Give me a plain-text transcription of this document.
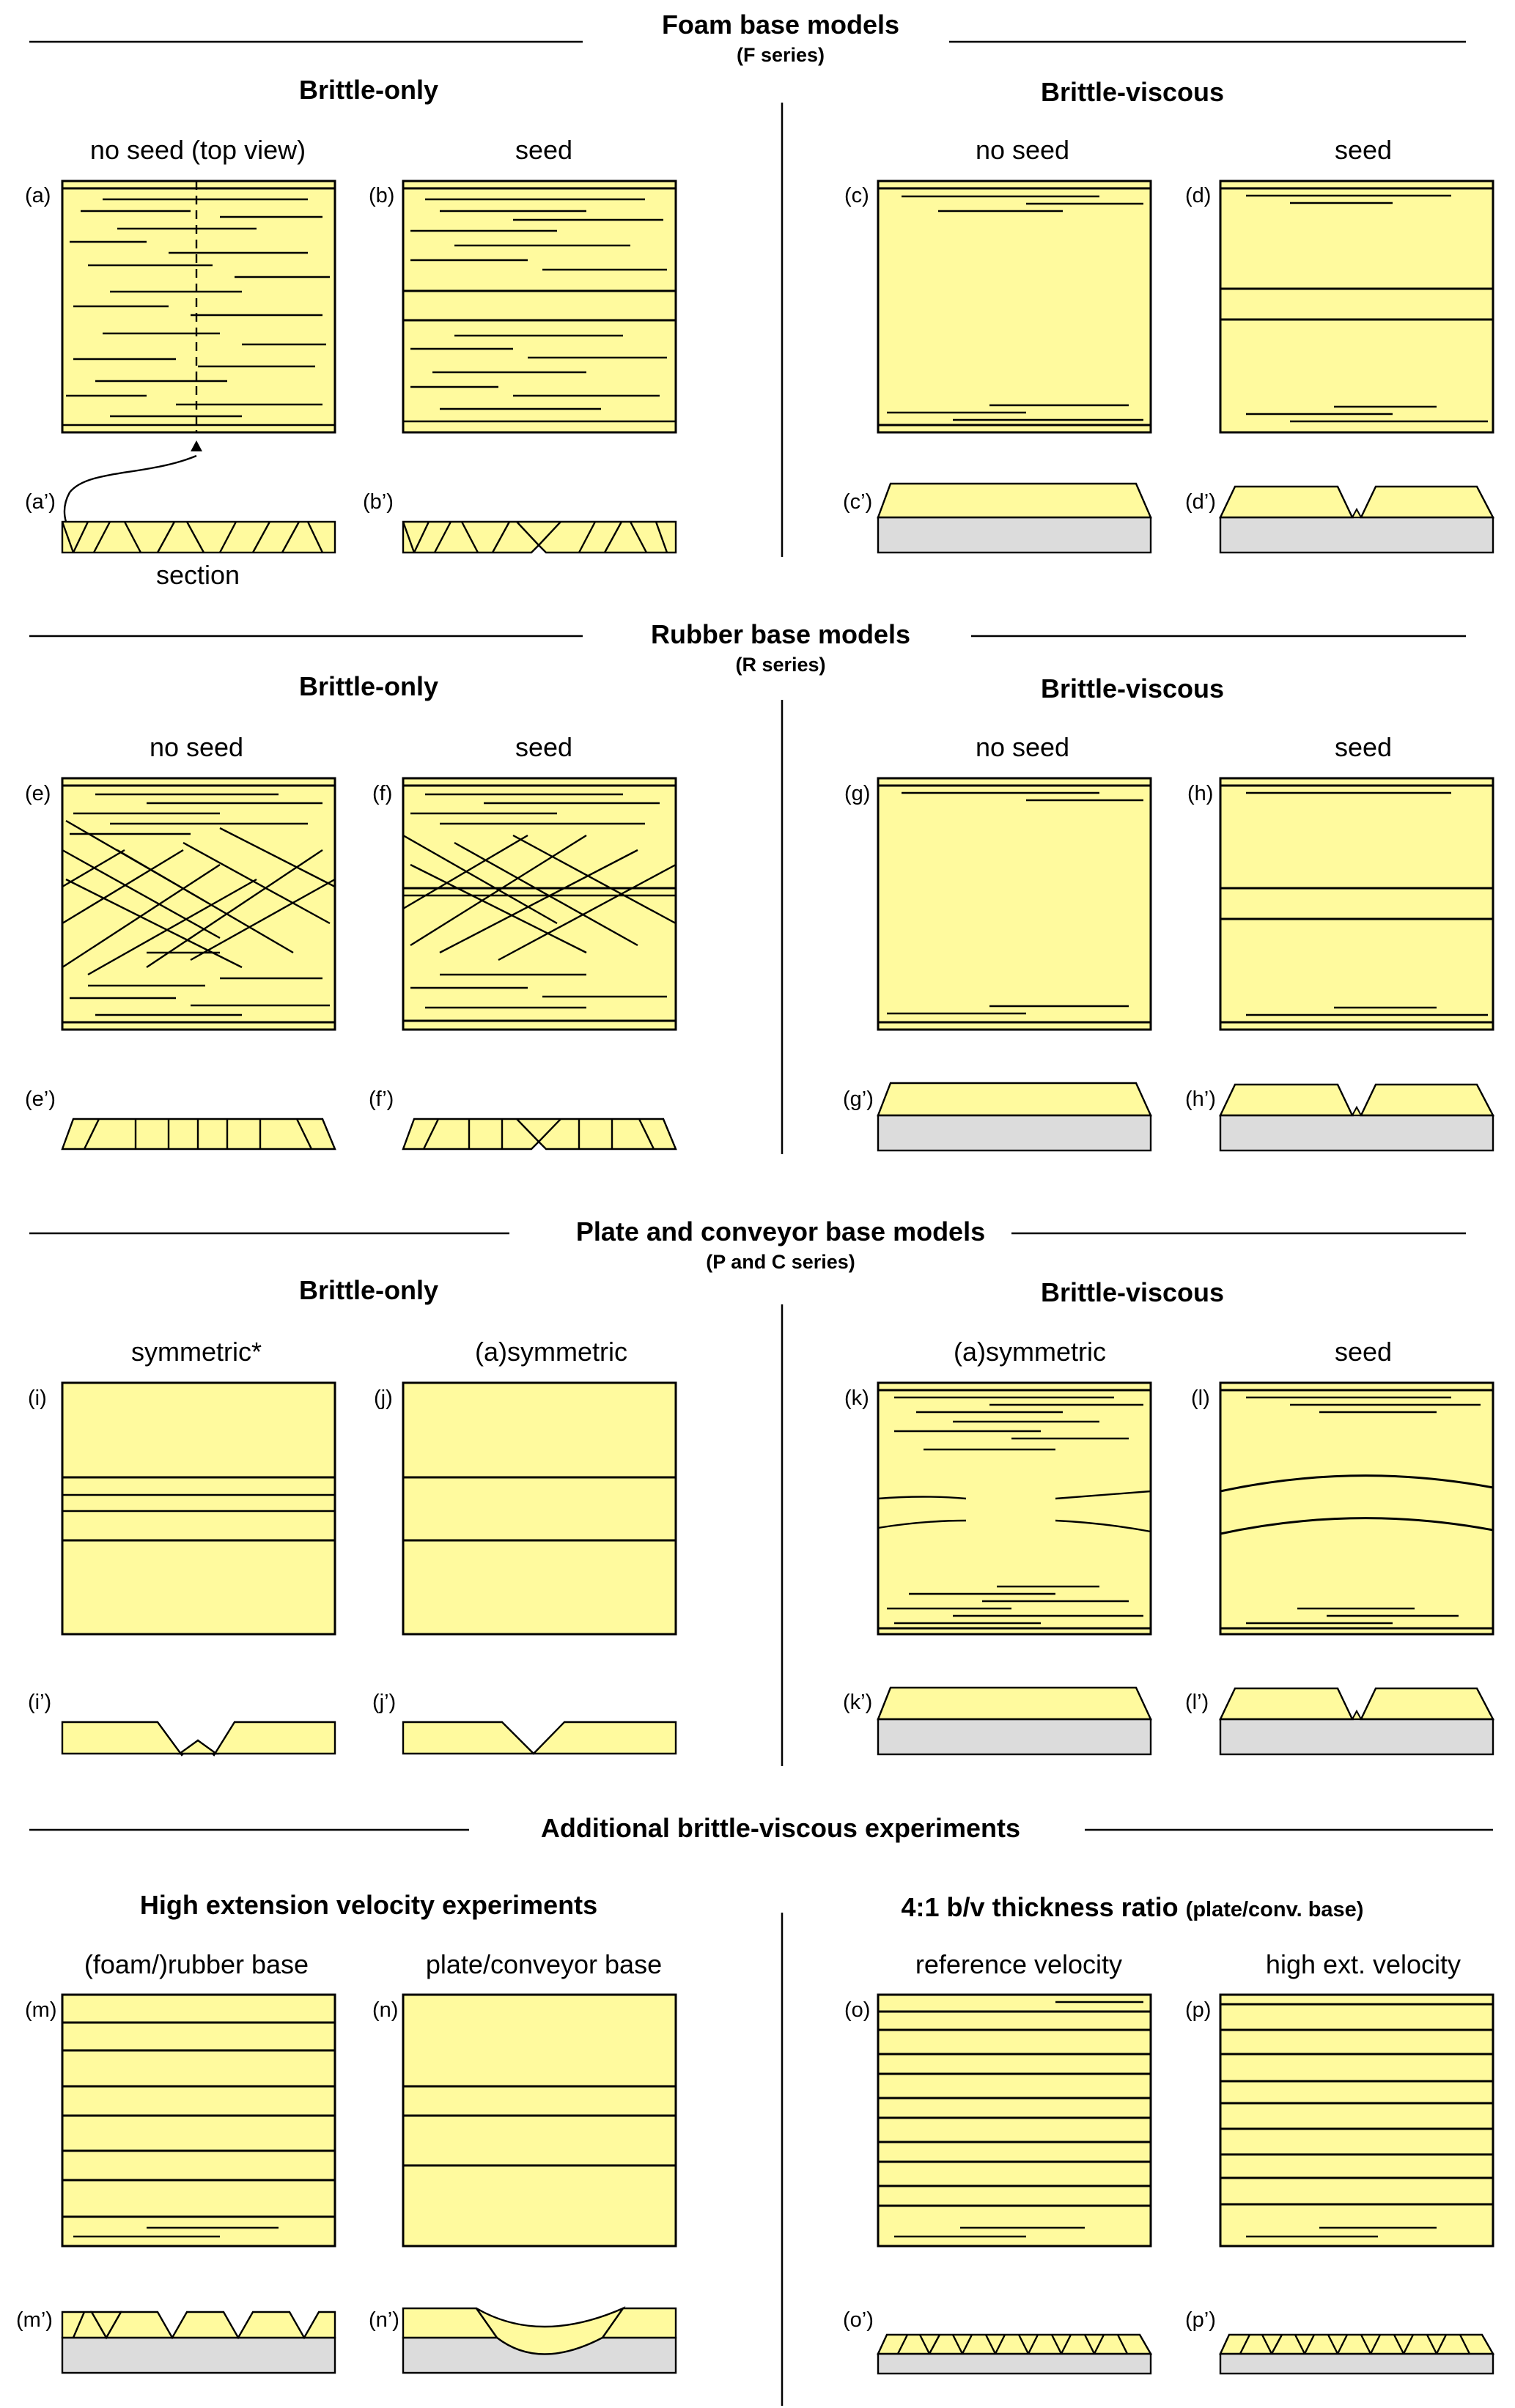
Foam base models
(F series)
Brittle-only	Brittle-viscous
no seed (top view)
(a)
(a’)
section
seed
(b)
(b’)
no seed
(c)
(c’)
seed
(d)
(d’)
Rubber base models
(R series)
Brittle-only	Brittle-viscous
no seed
(e)
(e’)
seed
(f)
(f’)
no seed
(g)
(g’)
seed
(h)
(h’)
Plate and conveyor base models
(P and C series)
Brittle-only	Brittle-viscous
symmetric*
(i)
(i’)
(a)symmetric
(j)
(j’)
(a)symmetric
(k)
(k’)
seed
(l)
(l’)
Additional brittle-viscous experiments
High extension velocity experiments	4:1 b/v thickness ratio (plate/conv. base)
(foam/)rubber base
(m)
(m’)
plate/conveyor base
(n)
(n’)
reference velocity
(o)
(o’)
high ext. velocity
(p)
(p’)
